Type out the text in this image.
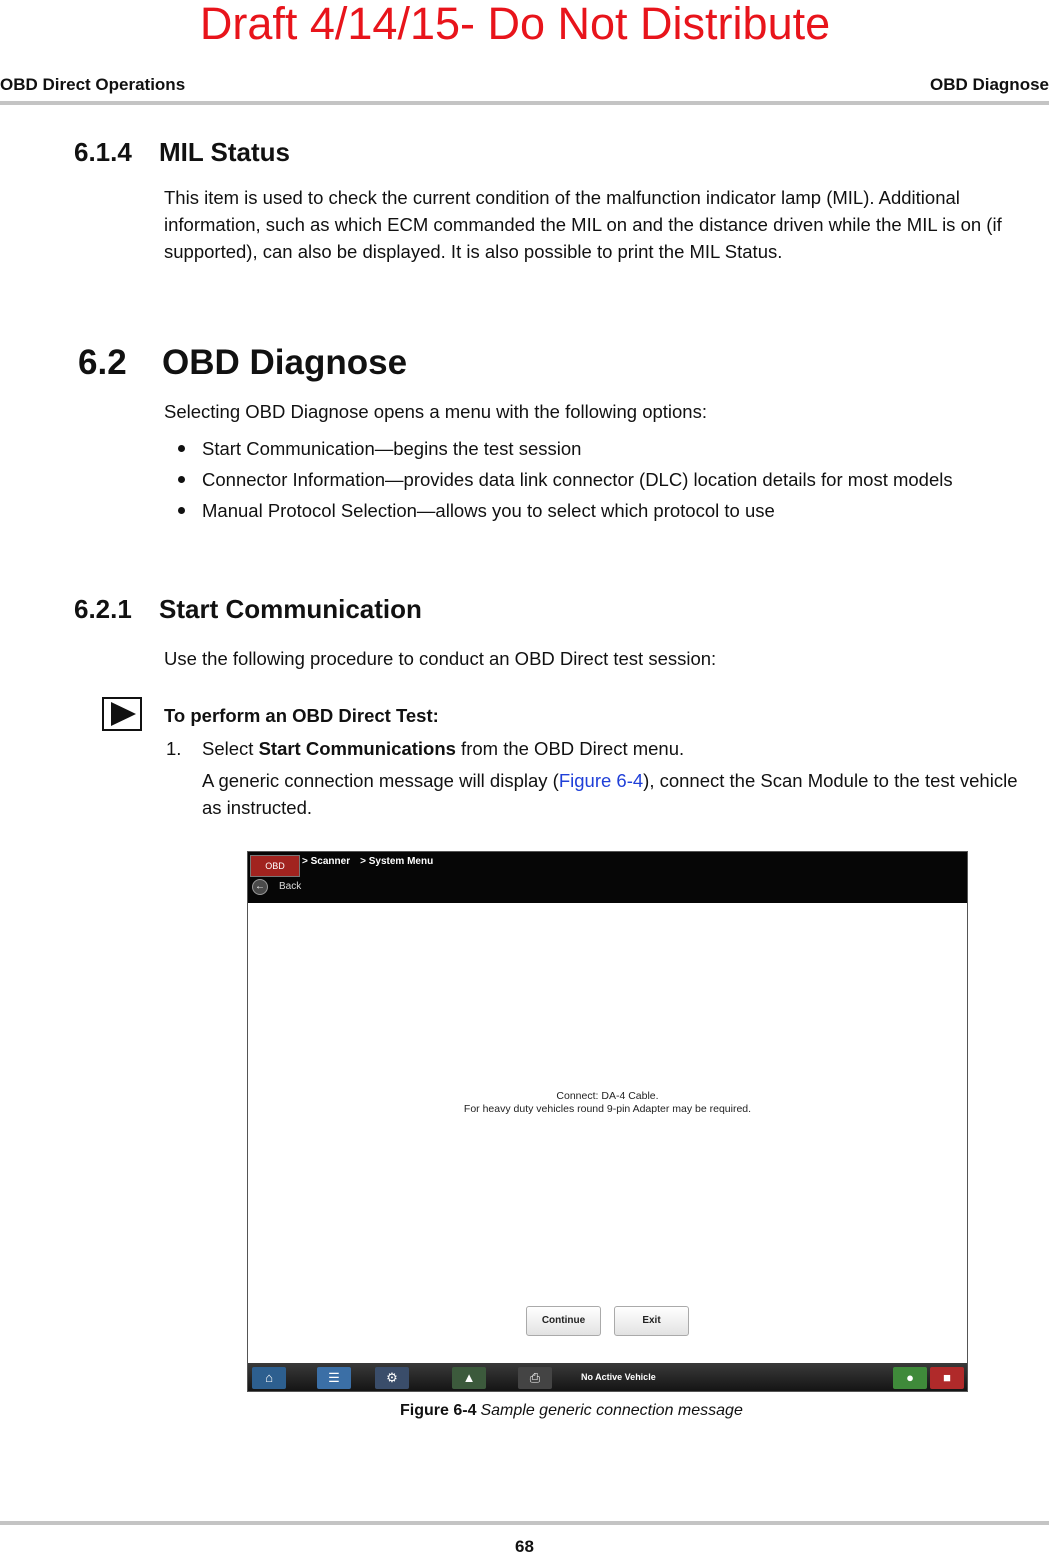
Draft 4/14/15- Do Not Distribute
OBD Direct Operations	OBD Diagnose
6.1.4 MIL Status
This item is used to check the current condition of the malfunction indicator lamp (MIL). Additional information, such as which ECM commanded the MIL on and the distance driven while the MIL is on (if supported), can also be displayed. It is also possible to print the MIL Status.
6.2 OBD Diagnose
Selecting OBD Diagnose opens a menu with the following options:
Start Communication—begins the test session
Connector Information—provides data link connector (DLC) location details for most models
Manual Protocol Selection—allows you to select which protocol to use
6.2.1 Start Communication
Use the following procedure to conduct an OBD Direct test session:
To perform an OBD Direct Test:
1. Select Start Communications from the OBD Direct menu.
A generic connection message will display (Figure 6-4), connect the Scan Module to the test vehicle as instructed.
OBD	> Scanner > System Menu
←	Back
Connect: DA-4 Cable.
For heavy duty vehicles round 9-pin Adapter may be required.
Continue	Exit
⌂	☰	⚙	▲	⎙	No Active Vehicle	●	■
Figure 6-4 Sample generic connection message
68
